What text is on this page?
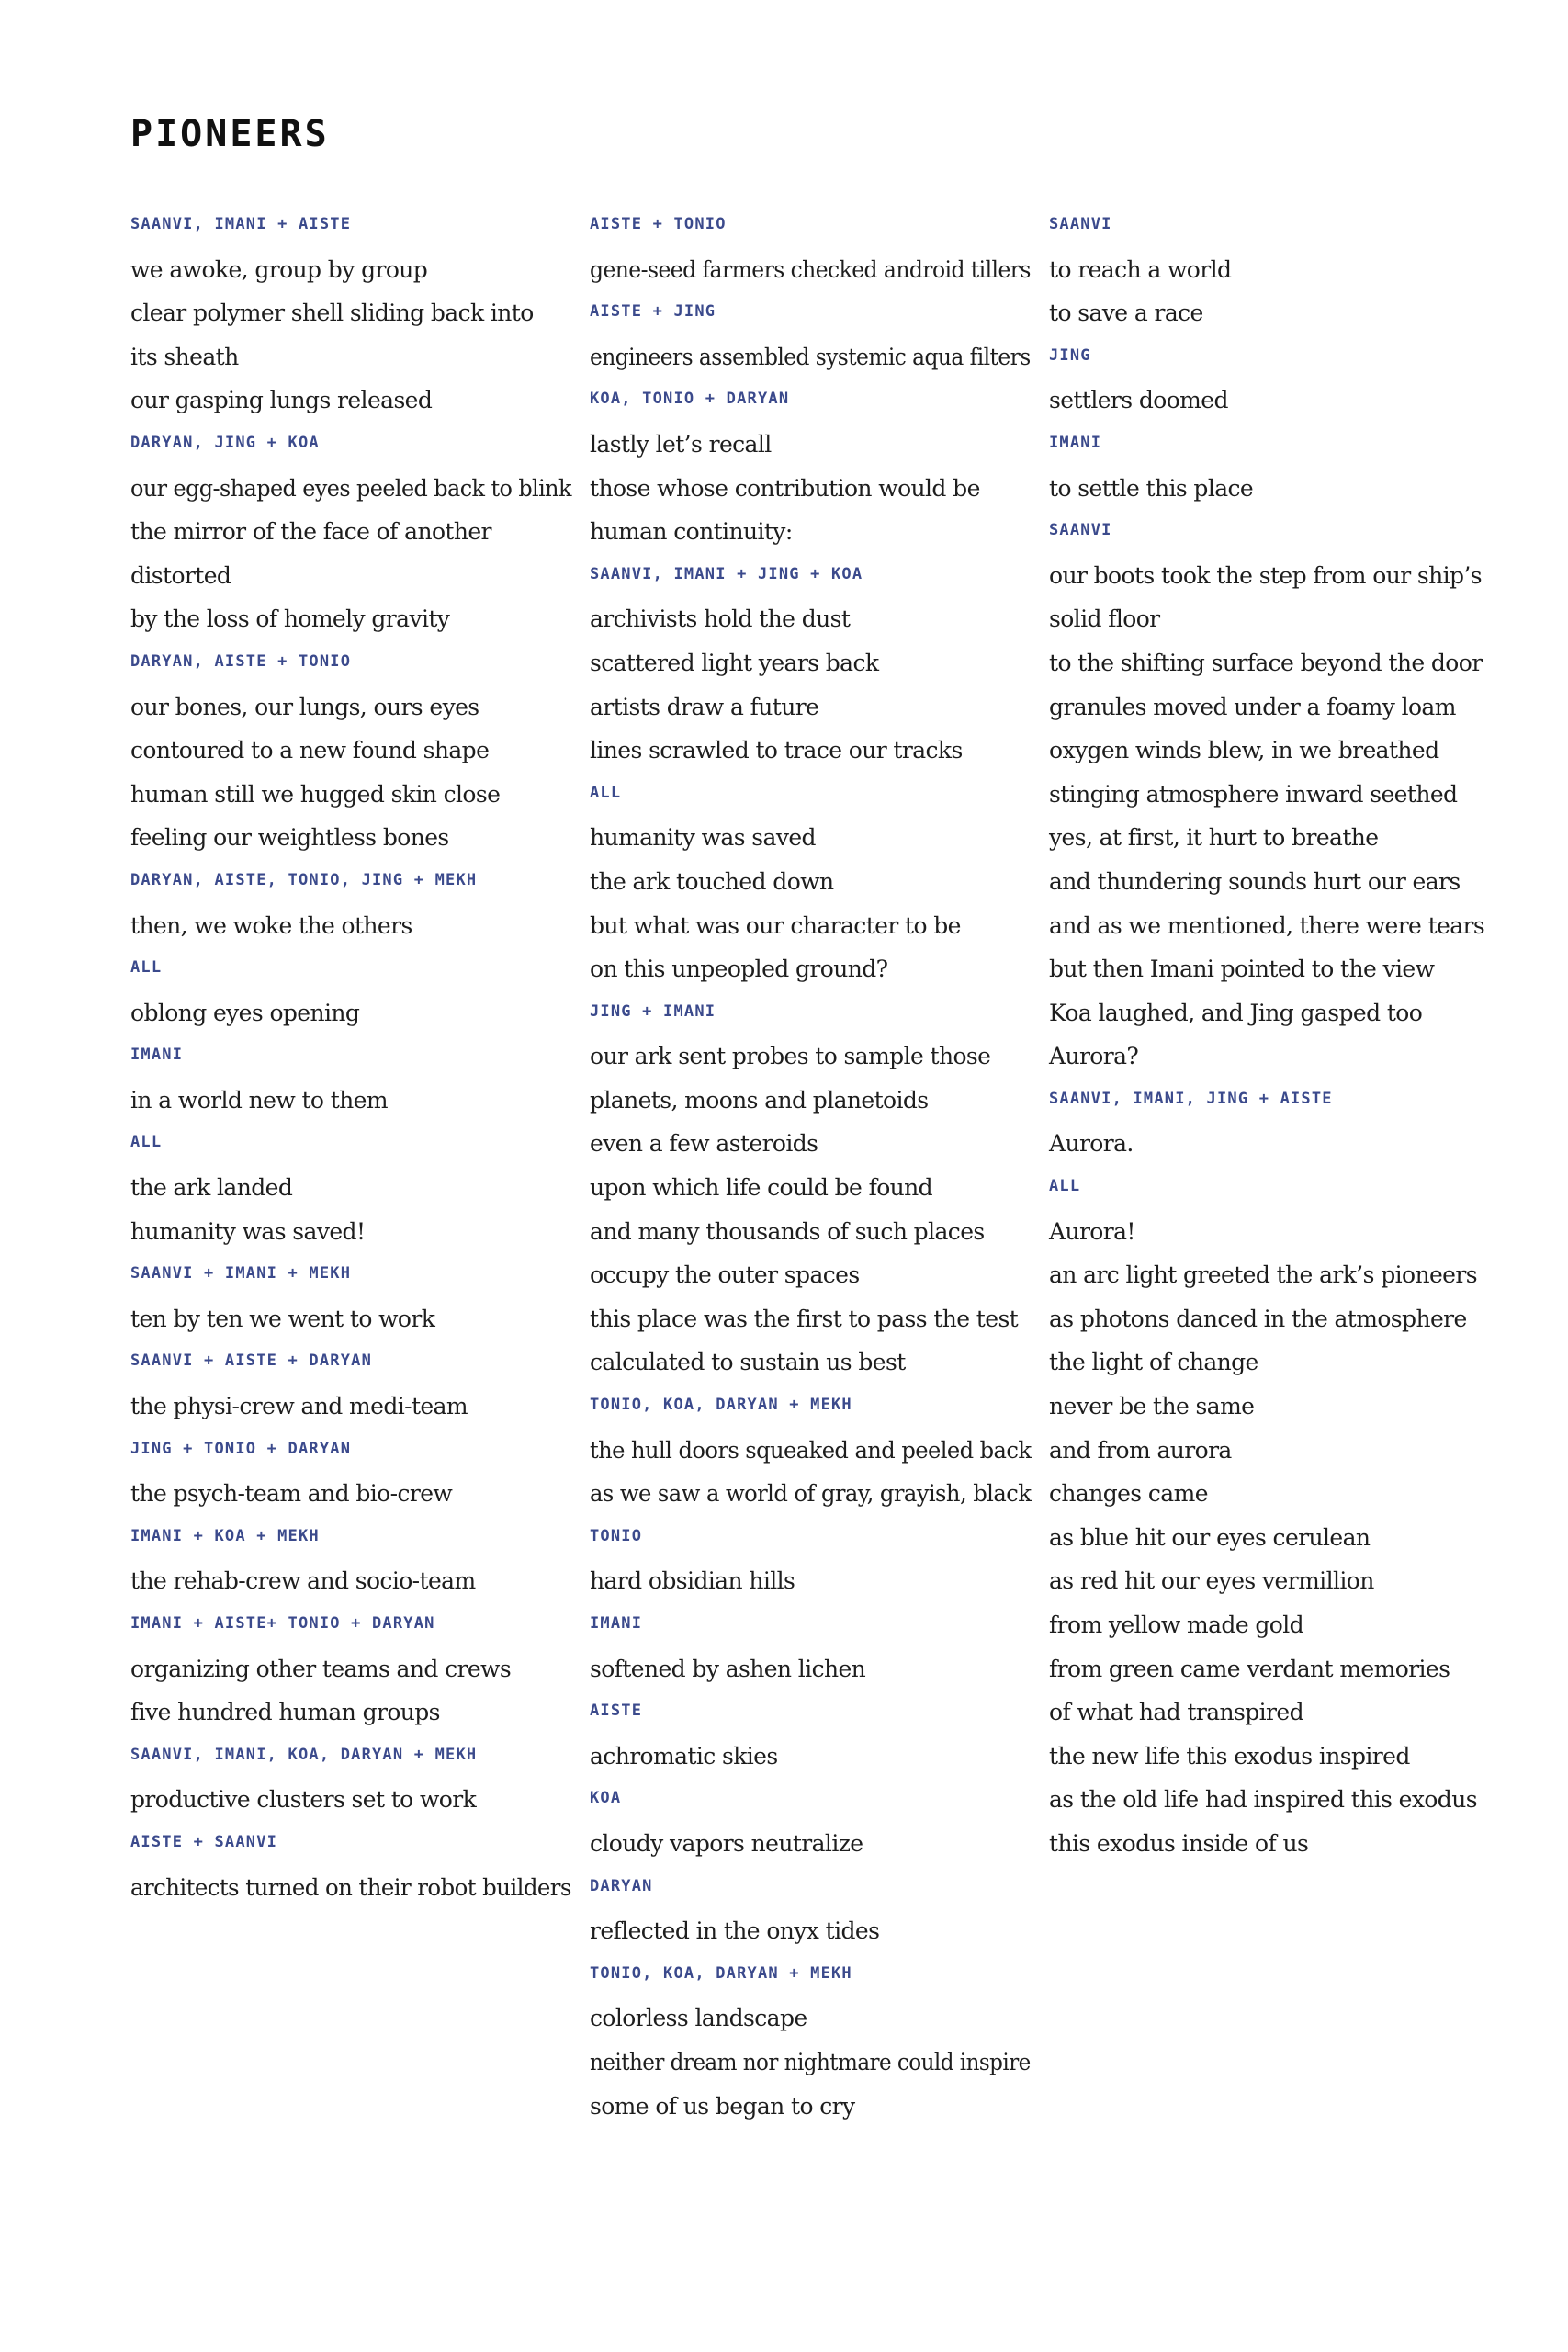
PIONEERS
SAANVI, IMANI + AISTE
we awoke, group by group
clear polymer shell sliding back into
its sheath
our gasping lungs released
DARYAN, JING + KOA
our egg-shaped eyes peeled back to blink
the mirror of the face of another
distorted
by the loss of homely gravity
DARYAN, AISTE + TONIO
our bones, our lungs, ours eyes
contoured to a new found shape
human still we hugged skin close
feeling our weightless bones
DARYAN, AISTE, TONIO, JING + MEKH
then, we woke the others
ALL
oblong eyes opening
IMANI
in a world new to them
ALL
the ark landed
humanity was saved!
SAANVI + IMANI + MEKH
ten by ten we went to work
SAANVI + AISTE + DARYAN
the physi-crew and medi-team
JING + TONIO + DARYAN
the psych-team and bio-crew
IMANI + KOA + MEKH
the rehab-crew and socio-team
IMANI + AISTE+ TONIO + DARYAN
organizing other teams and crews
five hundred human groups
SAANVI, IMANI, KOA, DARYAN + MEKH
productive clusters set to work
AISTE + SAANVI
architects turned on their robot builders
AISTE + TONIO
gene-seed farmers checked android tillers
AISTE + JING
engineers assembled systemic aqua filters
KOA, TONIO + DARYAN
lastly let’s recall
those whose contribution would be
human continuity:
SAANVI, IMANI + JING + KOA
archivists hold the dust
scattered light years back
artists draw a future
lines scrawled to trace our tracks
ALL
humanity was saved
the ark touched down
but what was our character to be
on this unpeopled ground?
JING + IMANI
our ark sent probes to sample those
planets, moons and planetoids
even a few asteroids
upon which life could be found
and many thousands of such places
occupy the outer spaces
this place was the first to pass the test
calculated to sustain us best
TONIO, KOA, DARYAN + MEKH
the hull doors squeaked and peeled back
as we saw a world of gray, grayish, black
TONIO
hard obsidian hills
IMANI
softened by ashen lichen
AISTE
achromatic skies
KOA
cloudy vapors neutralize
DARYAN
reflected in the onyx tides
TONIO, KOA, DARYAN + MEKH
colorless landscape
neither dream nor nightmare could inspire
some of us began to cry
SAANVI
to reach a world
to save a race
JING
settlers doomed
IMANI
to settle this place
SAANVI
our boots took the step from our ship’s
solid floor
to the shifting surface beyond the door
granules moved under a foamy loam
oxygen winds blew, in we breathed
stinging atmosphere inward seethed
yes, at first, it hurt to breathe
and thundering sounds hurt our ears
and as we mentioned, there were tears
but then Imani pointed to the view
Koa laughed, and Jing gasped too
Aurora?
SAANVI, IMANI, JING + AISTE
Aurora.
ALL
Aurora!
an arc light greeted the ark’s pioneers
as photons danced in the atmosphere
the light of change
never be the same
and from aurora
changes came
as blue hit our eyes cerulean
as red hit our eyes vermillion
from yellow made gold
from green came verdant memories
of what had transpired
the new life this exodus inspired
as the old life had inspired this exodus
this exodus inside of us
